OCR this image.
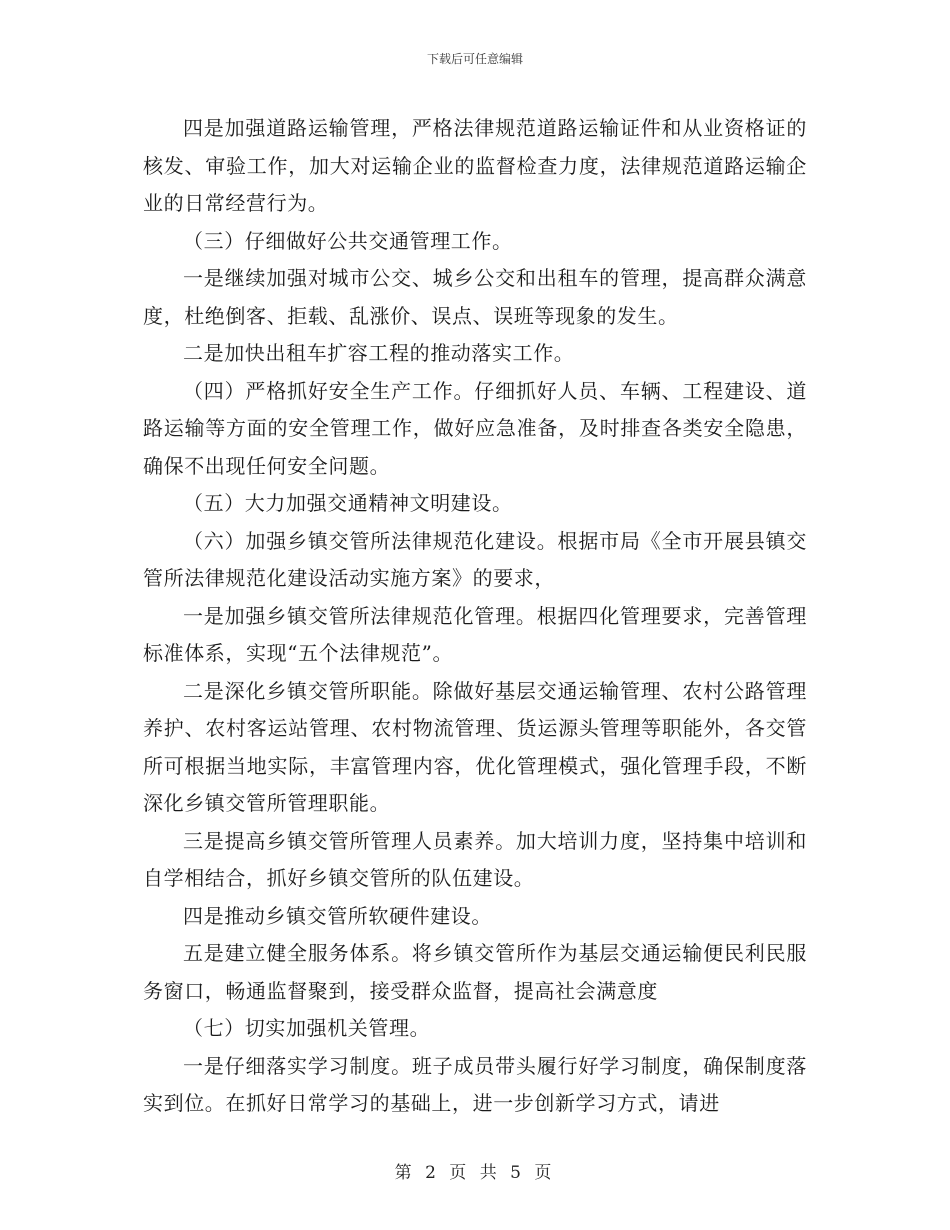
下载后可任意编辑

四是加强道路运输管理，严格法律规范道路运输证件和从业资格证的核发、审验工作，加大对运输企业的监督检查力度，法律规范道路运输企业的日常经营行为。

（三）仔细做好公共交通管理工作。

一是继续加强对城市公交、城乡公交和出租车的管理，提高群众满意度，杜绝倒客、拒载、乱涨价、误点、误班等现象的发生。

二是加快出租车扩容工程的推动落实工作。

（四）严格抓好安全生产工作。仔细抓好人员、车辆、工程建设、道路运输等方面的安全管理工作，做好应急准备，及时排查各类安全隐患，确保不出现任何安全问题。

（五）大力加强交通精神文明建设。

（六）加强乡镇交管所法律规范化建设。根据市局《全市开展县镇交管所法律规范化建设活动实施方案》的要求，

一是加强乡镇交管所法律规范化管理。根据四化管理要求，完善管理标准体系，实现“五个法律规范”。

二是深化乡镇交管所职能。除做好基层交通运输管理、农村公路管理养护、农村客运站管理、农村物流管理、货运源头管理等职能外，各交管所可根据当地实际，丰富管理内容，优化管理模式，强化管理手段，不断深化乡镇交管所管理职能。

三是提高乡镇交管所管理人员素养。加大培训力度，坚持集中培训和自学相结合，抓好乡镇交管所的队伍建设。

四是推动乡镇交管所软硬件建设。

五是建立健全服务体系。将乡镇交管所作为基层交通运输便民利民服务窗口，畅通监督聚到，接受群众监督，提高社会满意度

（七）切实加强机关管理。

一是仔细落实学习制度。班子成员带头履行好学习制度，确保制度落实到位。在抓好日常学习的基础上，进一步创新学习方式，请进

第 2 页 共 5 页
